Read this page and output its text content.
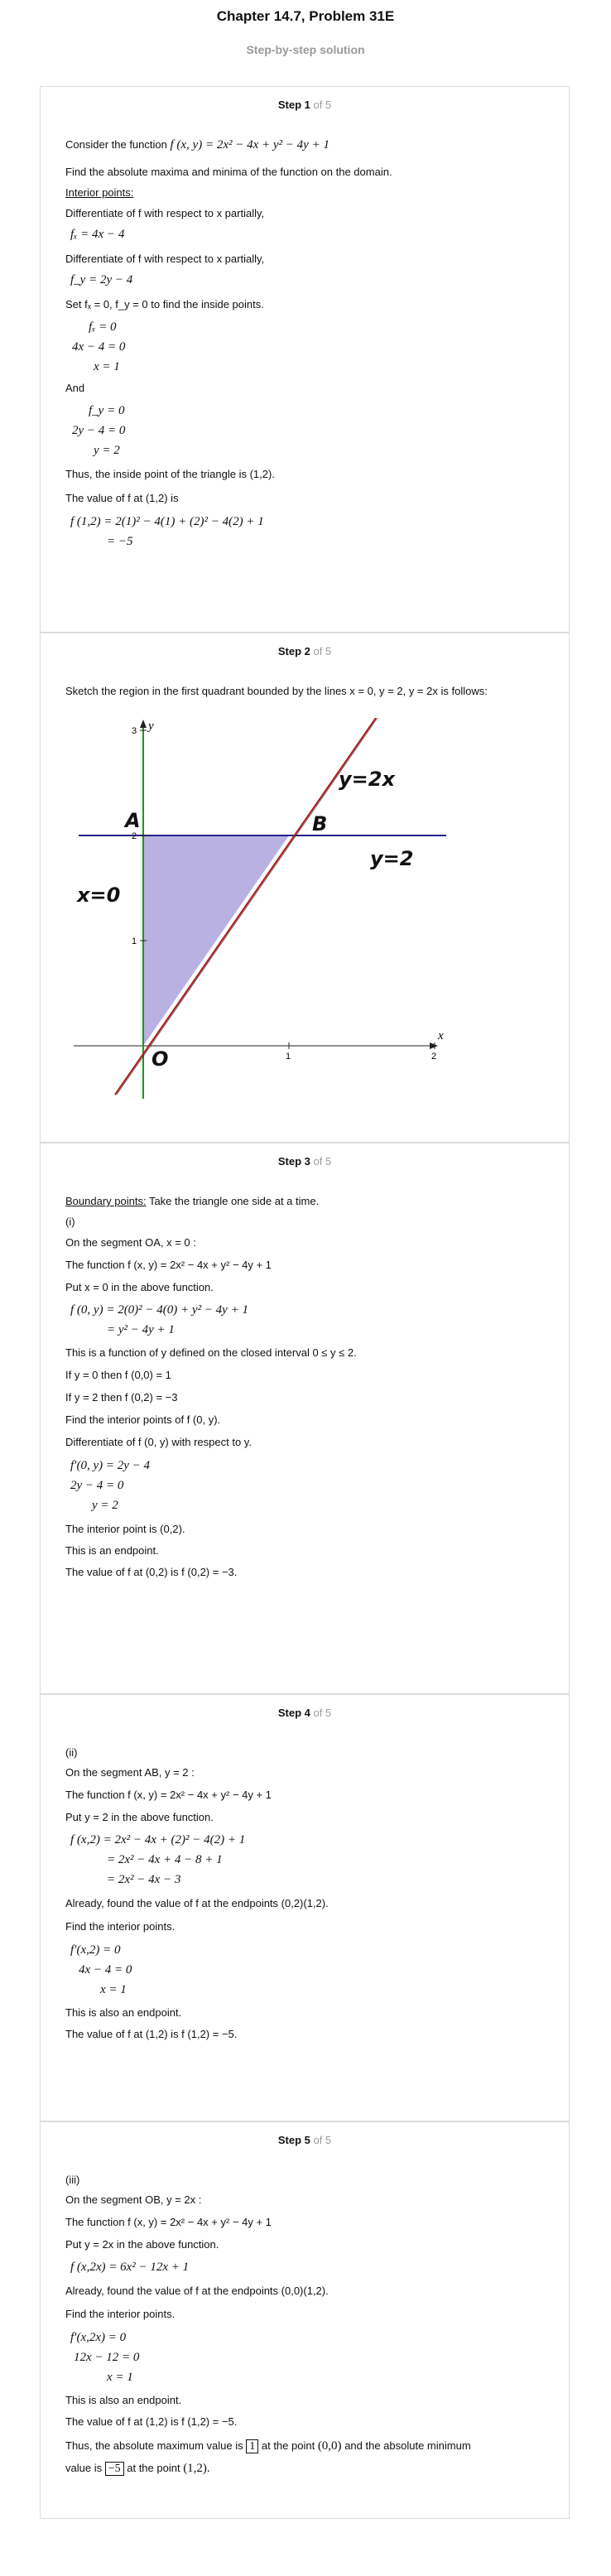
Chapter 14.7, Problem 31E
Step-by-step solution
Step 1 of 5
Consider the function f (x, y) = 2x² − 4x + y² − 4y + 1
Find the absolute maxima and minima of the function on the domain.
Interior points:
Differentiate of f with respect to x partially,
fₓ = 4x − 4
Differentiate of f with respect to x partially,
f_y = 2y − 4
Set fₓ = 0, f_y = 0 to find the inside points.
fₓ = 0
4x − 4 = 0
x = 1
And
f_y = 0
2y − 4 = 0
y = 2
Thus, the inside point of the triangle is (1,2).
The value of f at (1,2) is
f (1,2) = 2(1)² − 4(1) + (2)² − 4(2) + 1
= −5
Step 2 of 5
Sketch the region in the first quadrant bounded by the lines x = 0, y = 2, y = 2x is follows:
1	2
1
2
3 y
x
A	B
O
y=2x
y=2
x=0
Step 3 of 5
Boundary points: Take the triangle one side at a time.
(i)
On the segment OA, x = 0 :
The function f (x, y) = 2x² − 4x + y² − 4y + 1
Put x = 0 in the above function.
f (0, y) = 2(0)² − 4(0) + y² − 4y + 1
= y² − 4y + 1
This is a function of y defined on the closed interval 0 ≤ y ≤ 2.
If y = 0 then f (0,0) = 1
If y = 2 then f (0,2) = −3
Find the interior points of f (0, y).
Differentiate of f (0, y) with respect to y.
f′(0, y) = 2y − 4
2y − 4 = 0
y = 2
The interior point is (0,2).
This is an endpoint.
The value of f at (0,2) is f (0,2) = −3.
Step 4 of 5
(ii)
On the segment AB, y = 2 :
The function f (x, y) = 2x² − 4x + y² − 4y + 1
Put y = 2 in the above function.
f (x,2) = 2x² − 4x + (2)² − 4(2) + 1
= 2x² − 4x + 4 − 8 + 1
= 2x² − 4x − 3
Already, found the value of f at the endpoints (0,2)(1,2).
Find the interior points.
f′(x,2) = 0
4x − 4 = 0
x = 1
This is also an endpoint.
The value of f at (1,2) is f (1,2) = −5.
Step 5 of 5
(iii)
On the segment OB, y = 2x :
The function f (x, y) = 2x² − 4x + y² − 4y + 1
Put y = 2x in the above function.
f (x,2x) = 6x² − 12x + 1
Already, found the value of f at the endpoints (0,0)(1,2).
Find the interior points.
f′(x,2x) = 0
12x − 12 = 0
x = 1
This is also an endpoint.
The value of f at (1,2) is f (1,2) = −5.
Thus, the absolute maximum value is 1 at the point (0,0) and the absolute minimum
value is −5 at the point (1,2).
